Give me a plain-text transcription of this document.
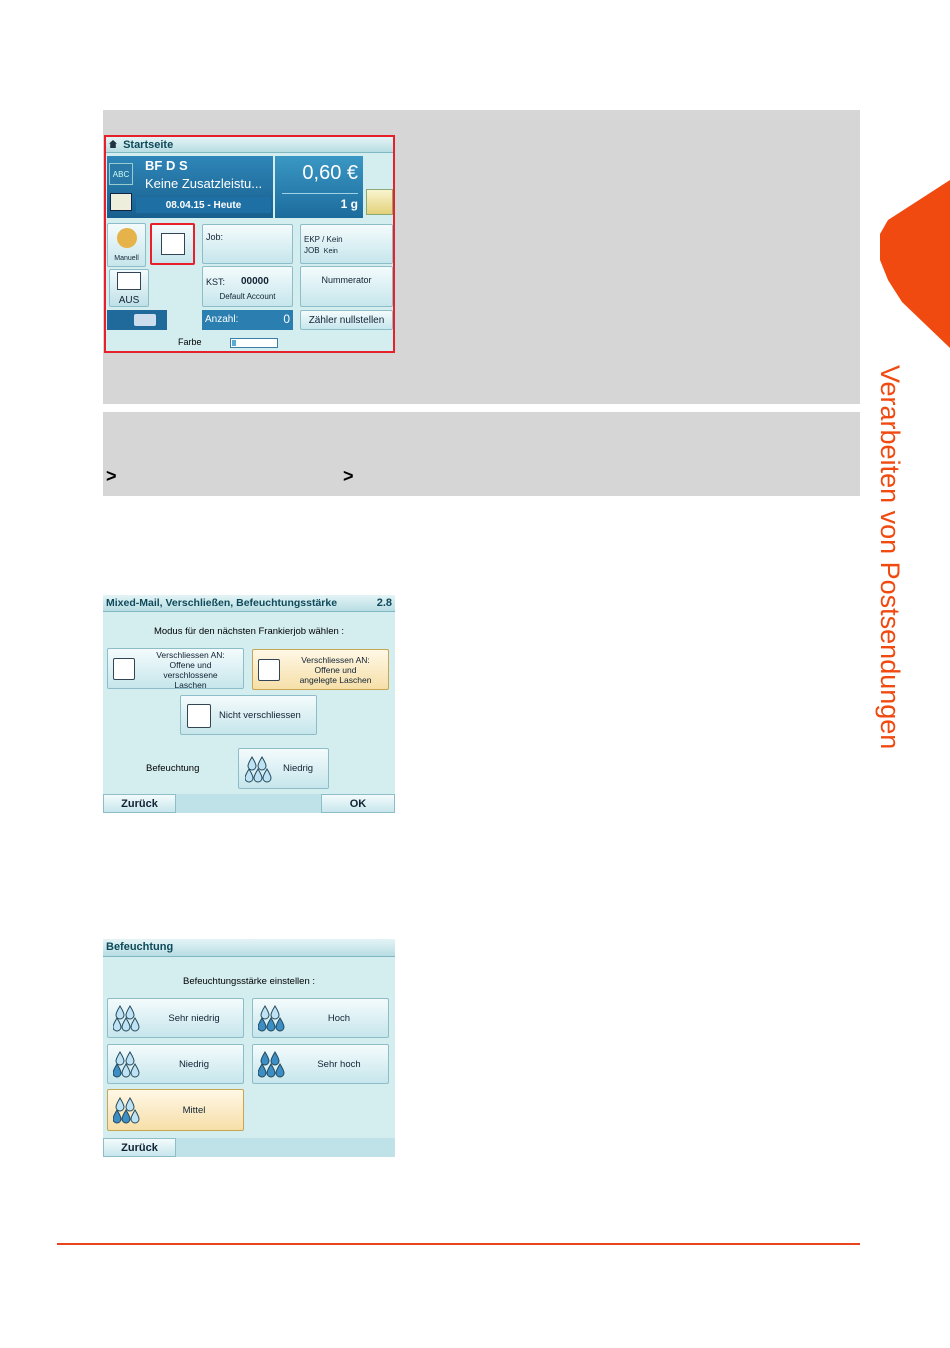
Startseite
ABC
BF D S
Keine Zusatzleistu...
08.04.15 - Heute
0,60 €
1 g
Manuell
Job:	EKP / Kein
JOB Kein
AUS
KST: 00000
Default Account
Nummerator
Anzahl:	0 Zähler nullstellen
Farbe
>	>
Mixed-Mail, Verschließen, Befeuchtungsstärke	2.8
Modus für den nächsten Frankierjob wählen :
Verschliessen AN:
Offene und
verschlossene
Laschen
Verschliessen AN:
Offene und
angelegte Laschen
Nicht verschliessen
Befeuchtung	Niedrig
Zurück	OK
Befeuchtung
Befeuchtungsstärke einstellen :
Sehr niedrig	Hoch
Niedrig	Sehr hoch
Mittel
Zurück
Verarbeiten von Postsendungen
